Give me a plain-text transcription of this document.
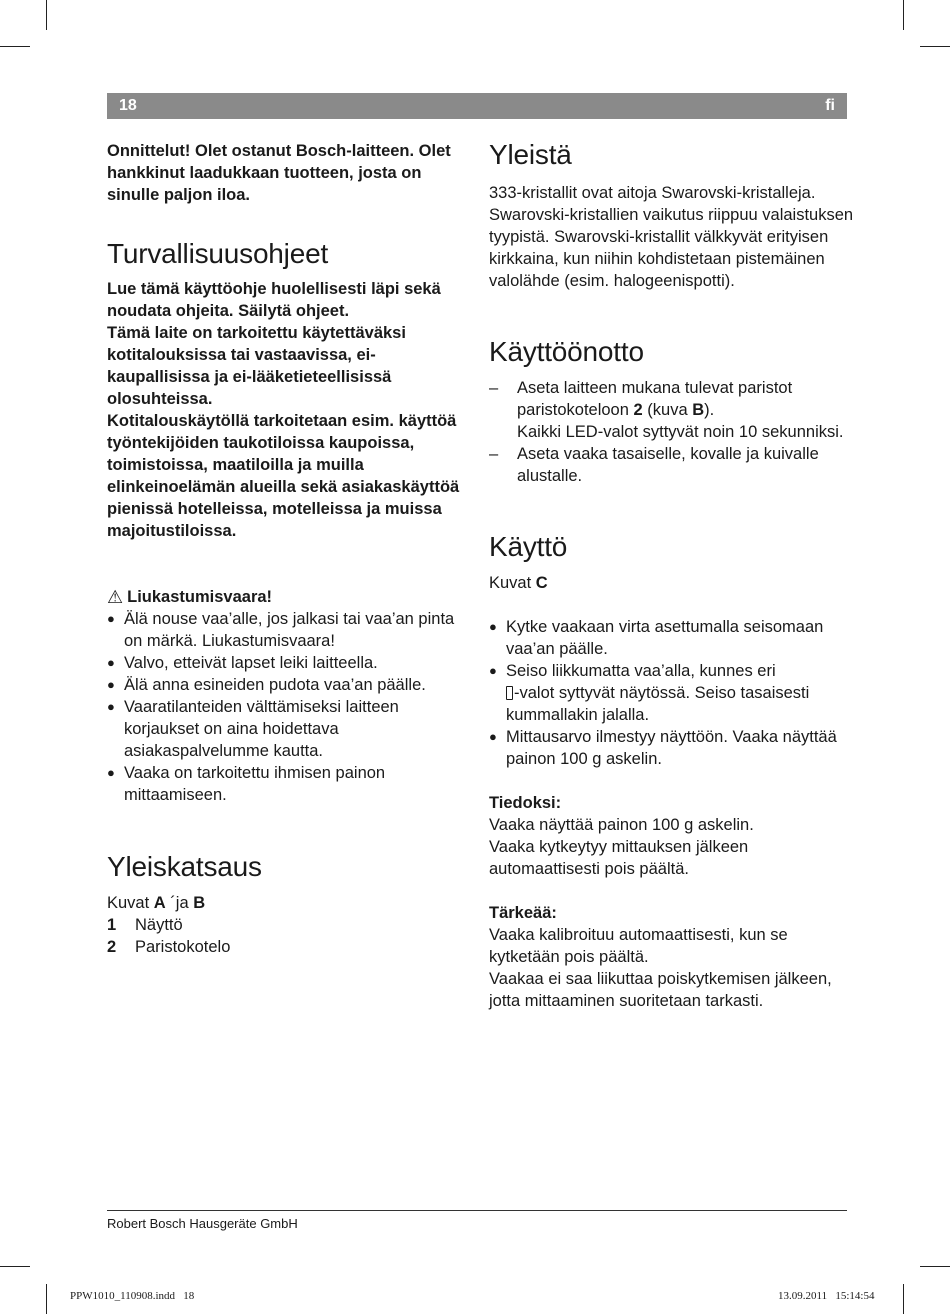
18	fi

Onnittelut! Olet ostanut Bosch-laitteen. Olet hankkinut laadukkaan tuotteen, josta on sinulle paljon iloa.

Turvallisuusohjeet

Lue tämä käyttöohje huolellisesti läpi sekä noudata ohjeita. Säilytä ohjeet.

Tämä laite on tarkoitettu käytettäväksi kotitalouksissa tai vastaavissa, ei-kaupallisissa ja ei-lääketieteellisissä olosuhteissa.

Kotitalouskäytöllä tarkoitetaan esim. käyttöä työntekijöiden taukotiloissa kaupoissa, toimistoissa, maatiloilla ja muilla elinkeinoelämän alueilla sekä asiakaskäyttöä pienissä hotelleissa, motelleissa ja muissa majoitustiloissa.

⚠ Liukastumisvaara!

● Älä nouse vaa’alle, jos jalkasi tai vaa’an pinta on märkä. Liukastumisvaara!
● Valvo, etteivät lapset leiki laitteella.
● Älä anna esineiden pudota vaa’an päälle.
● Vaaratilanteiden välttämiseksi laitteen korjaukset on aina hoidettava asiakaspalvelumme kautta.
● Vaaka on tarkoitettu ihmisen painon mittaamiseen.
Yleiskatsaus

Kuvat A ´ja B

1 Näyttö

2 Paristokotelo

Yleistä

333-kristallit ovat aitoja Swarovski-kristalleja. Swarovski-kristallien vaikutus riippuu valaistuksen tyypistä. Swarovski-kristallit välkkyvät erityisen kirkkaina, kun niihin kohdistetaan pistemäinen valolähde (esim. halogeenispotti).

Käyttöönotto
– Aseta laitteen mukana tulevat paristot paristokoteloon 2 (kuva B).
Kaikki LED-valot syttyvät noin 10 sekunniksi.
– Aseta vaaka tasaiselle, kovalle ja kuivalle alustalle.
Käyttö

Kuvat C

● Kytke vaakaan virta asettumalla seisomaan vaa’an päälle.
● Seiso liikkumatta vaa’alla, kunnes eri
-valot syttyvät näytössä. Seiso tasaisesti kummallakin jalalla.
● Mittausarvo ilmestyy näyttöön. Vaaka näyttää painon 100 g askelin.

Tiedoksi:

Vaaka näyttää painon 100 g askelin.

Vaaka kytkeytyy mittauksen jälkeen automaattisesti pois päältä.

Tärkeää:

Vaaka kalibroituu automaattisesti, kun se kytketään pois päältä.

Vaakaa ei saa liikuttaa poiskytkemisen jälkeen, jotta mittaaminen suoritetaan tarkasti.

Robert Bosch Hausgeräte GmbH
PPW1010_110908.indd   18	13.09.2011   15:14:54
